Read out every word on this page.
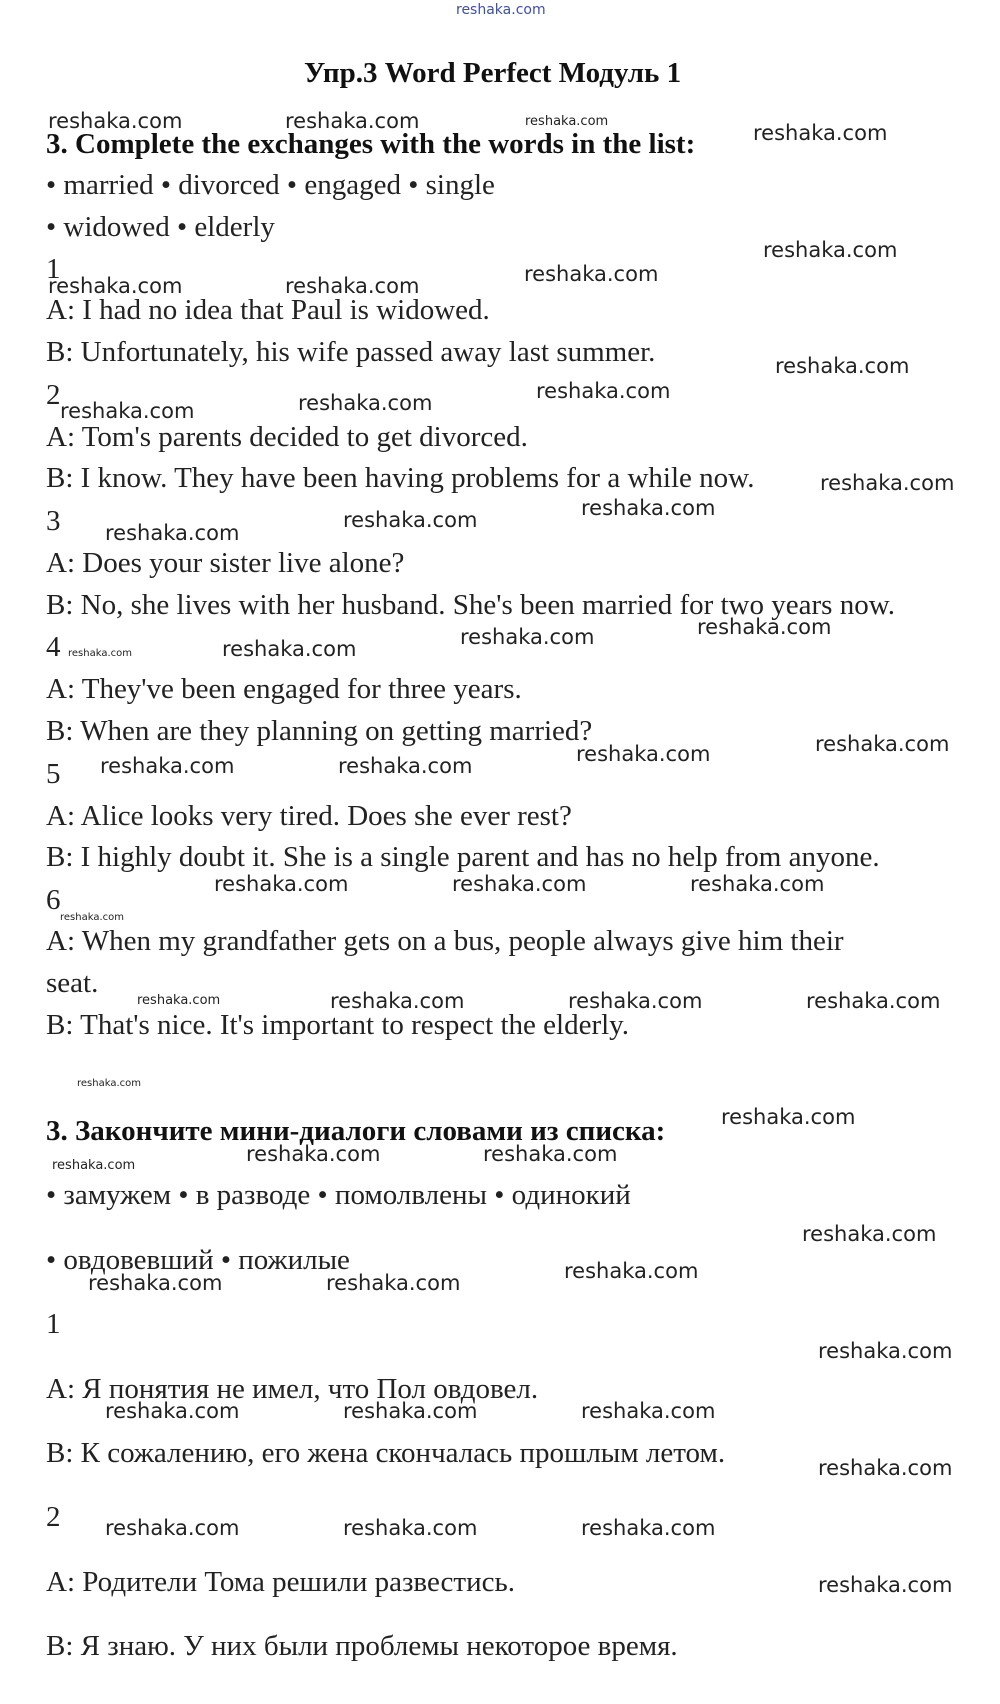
reshaka.com
Упр.3 Word Perfect Модуль 1
3. Complete the exchanges with the words in the list:
• married • divorced • engaged • single
• widowed • elderly
1
A: I had no idea that Paul is widowed.
B: Unfortunately, his wife passed away last summer.
2
A: Tom's parents decided to get divorced.
B: I know. They have been having problems for a while now.
3
A: Does your sister live alone?
B: No, she lives with her husband. She's been married for two years now.
4
A: They've been engaged for three years.
B: When are they planning on getting married?
5
A: Alice looks very tired. Does she ever rest?
B: I highly doubt it. She is a single parent and has no help from anyone.
6
A: When my grandfather gets on a bus, people always give him their
seat.
B: That's nice. It's important to respect the elderly.
3. Закончите мини-диалоги словами из списка:
• замужем • в разводе • помолвлены • одинокий
• овдовевший • пожилые
1
А: Я понятия не имел, что Пол овдовел.
В: К сожалению, его жена скончалась прошлым летом.
2
А: Родители Тома решили развестись.
В: Я знаю. У них были проблемы некоторое время.
reshaka.com	reshaka.com	reshaka.com	reshaka.com
reshaka.com
reshaka.com	reshaka.com	reshaka.com
reshaka.com
reshaka.com	reshaka.com	reshaka.com
reshaka.com
reshaka.com
reshaka.com	reshaka.com
reshaka.com
reshaka.com	reshaka.com	reshaka.com
reshaka.com
reshaka.com	reshaka.com	reshaka.com
reshaka.com	reshaka.com	reshaka.com
reshaka.com
reshaka.com	reshaka.com	reshaka.com	reshaka.com
reshaka.com
reshaka.com
reshaka.com	reshaka.com	reshaka.com
reshaka.com
reshaka.com
reshaka.com	reshaka.com
reshaka.com
reshaka.com	reshaka.com	reshaka.com
reshaka.com
reshaka.com	reshaka.com	reshaka.com
reshaka.com
